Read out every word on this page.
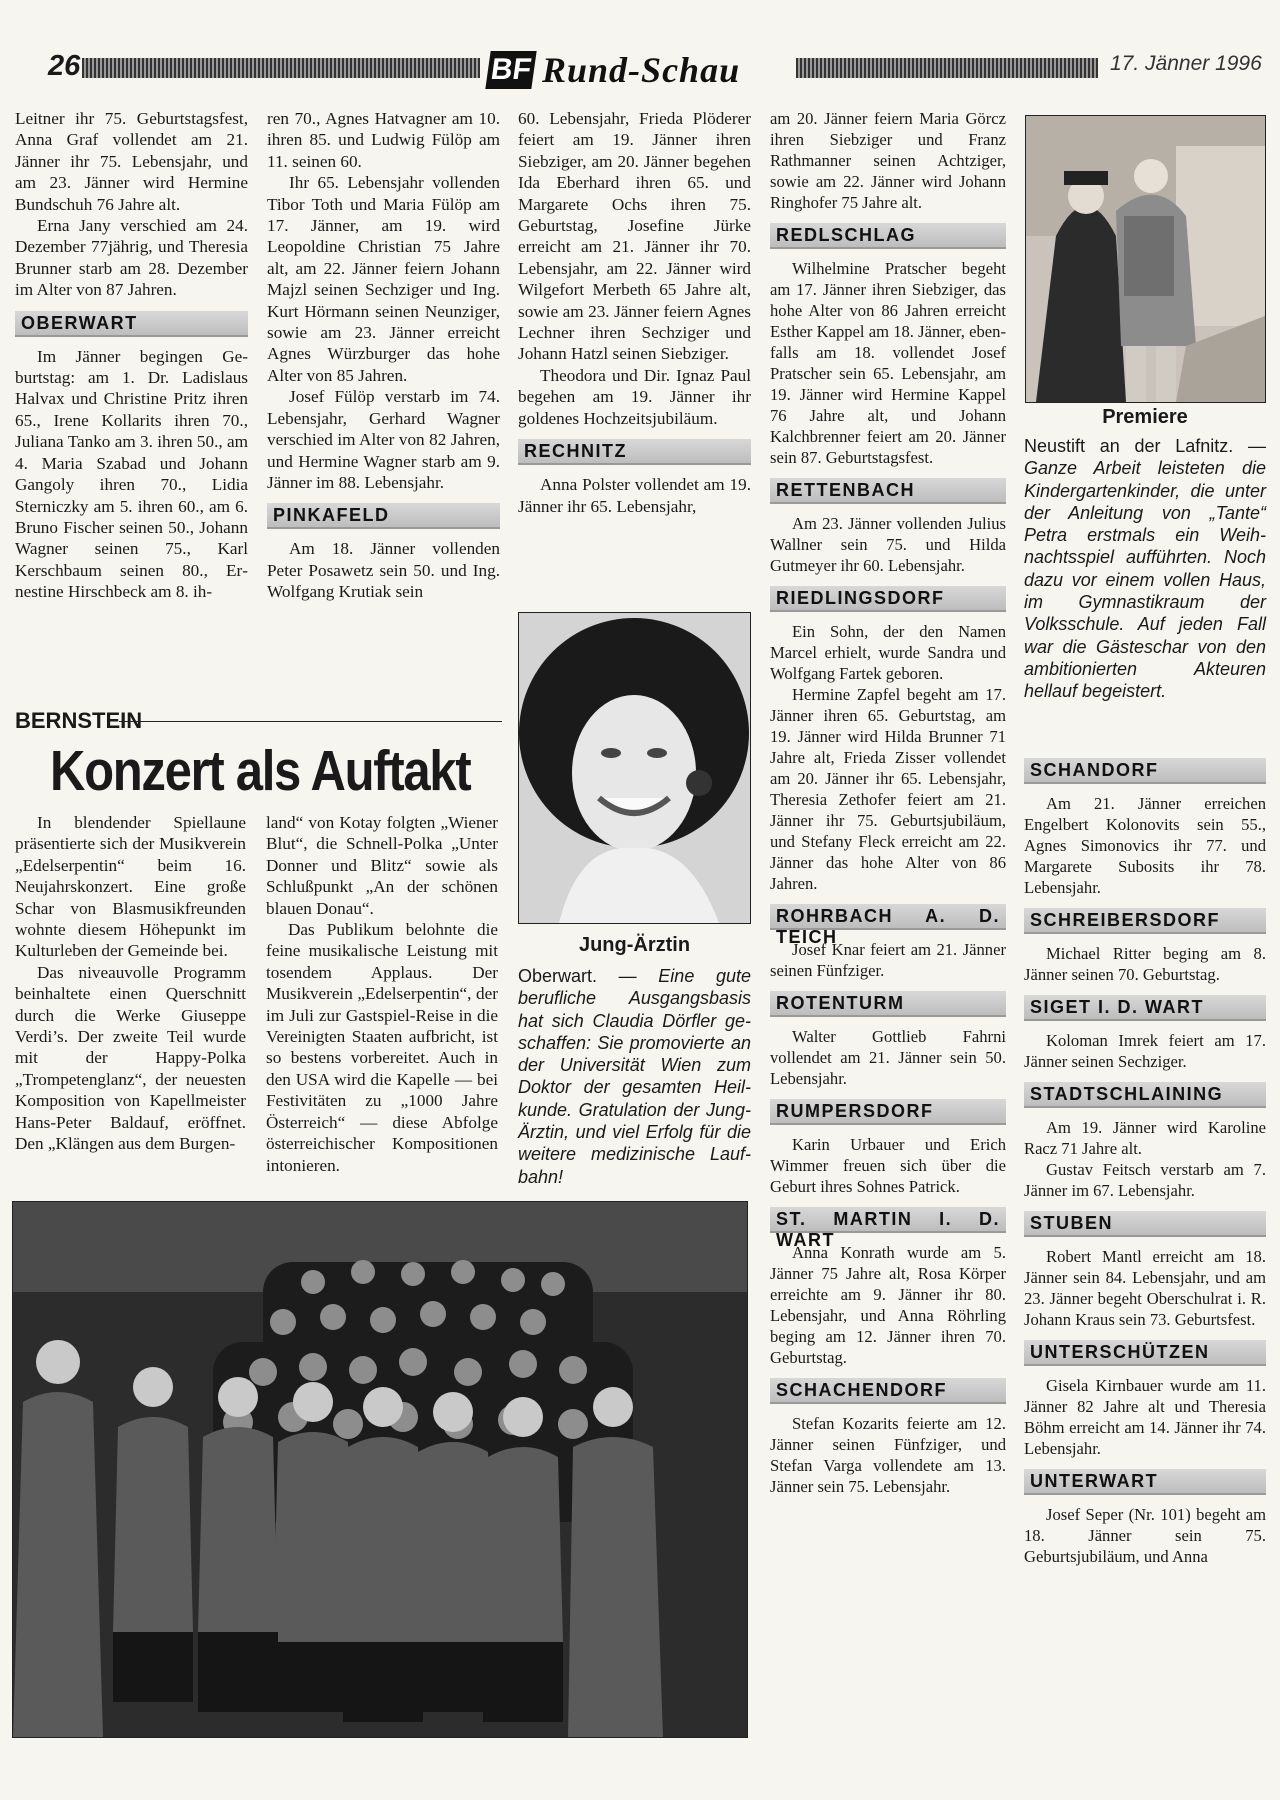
26	BF Rund-Schau	17. Jänner 1996

Leitner ihr 75. Geburtstagsfest, Anna Graf vollendet am 21. Jänner ihr 75. Lebensjahr, und am 23. Jänner wird Hermine Bundschuh 76 Jahre alt.

Erna Jany verschied am 24. Dezember 77jährig, und Theresia Brunner starb am 28. Dezember im Alter von 87 Jahren.

OBERWART

Im Jänner begingen Geburtstag: am 1. Dr. Ladislaus Halvax und Christine Pritz ihren 65., Irene Kollarits ihren 70., Juliana Tanko am 3. ihren 50., am 4. Maria Szabad und Johann Gangoly ihren 70., Lidia Sterniczky am 5. ihren 60., am 6. Bruno Fischer seinen 50., Johann Wagner seinen 75., Karl Kerschbaum seinen 80., Ernestine Hirschbeck am 8. ih-

ren 70., Agnes Hatvagner am 10. ihren 85. und Ludwig Fülöp am 11. seinen 60.

Ihr 65. Lebensjahr vollenden Tibor Toth und Maria Fülöp am 17. Jänner, am 19. wird Leopoldine Christian 75 Jahre alt, am 22. Jänner feiern Johann Majzl seinen Sechziger und Ing. Kurt Hörmann seinen Neunziger, sowie am 23. Jänner erreicht Agnes Würzburger das hohe Alter von 85 Jahren.

Josef Fülöp verstarb im 74. Lebensjahr, Gerhard Wagner verschied im Alter von 82 Jahren, und Hermine Wagner starb am 9. Jänner im 88. Lebensjahr.

PINKAFELD

Am 18. Jänner vollenden Peter Posawetz sein 50. und Ing. Wolfgang Krutiak sein

60. Lebensjahr, Frieda Plöderer feiert am 19. Jänner ihren Siebziger, am 20. Jänner begehen Ida Eberhard ihren 65. und Margarete Ochs ihren 75. Geburtstag, Josefine Jürke erreicht am 21. Jänner ihr 70. Lebensjahr, am 22. Jänner wird Wilgefort Merbeth 65 Jahre alt, sowie am 23. Jänner feiern Agnes Lechner ihren Sechziger und Johann Hatzl seinen Siebziger.

Theodora und Dir. Ignaz Paul begehen am 19. Jänner ihr goldenes Hochzeitsjubiläum.

RECHNITZ

Anna Polster vollendet am 19. Jänner ihr 65. Lebensjahr,

am 20. Jänner feiern Maria Görcz ihren Siebziger und Franz Rathmanner seinen Achtziger, sowie am 22. Jänner wird Johann Ringhofer 75 Jahre alt.

REDLSCHLAG

Wilhelmine Pratscher begeht am 17. Jänner ihren Siebziger, das hohe Alter von 86 Jahren erreicht Esther Kappel am 18. Jänner, ebenfalls am 18. vollendet Josef Pratscher sein 65. Lebensjahr, am 19. Jänner wird Hermine Kappel 76 Jahre alt, und Johann Kalchbrenner feiert am 20. Jänner sein 87. Geburtstagsfest.

RETTENBACH

Am 23. Jänner vollenden Julius Wallner sein 75. und Hilda Gutmeyer ihr 60. Lebensjahr.

RIEDLINGSDORF

Ein Sohn, der den Namen Marcel erhielt, wurde Sandra und Wolfgang Fartek geboren.

Hermine Zapfel begeht am 17. Jänner ihren 65. Geburtstag, am 19. Jänner wird Hilda Brunner 71 Jahre alt, Frieda Zisser vollendet am 20. Jänner ihr 65. Lebensjahr, Theresia Zethofer feiert am 21. Jänner ihr 75. Geburtsjubiläum, und Stefany Fleck erreicht am 22. Jänner das hohe Alter von 86 Jahren.

ROHRBACH A. D. TEICH

Josef Knar feiert am 21. Jänner seinen Fünfziger.

ROTENTURM

Walter Gottlieb Fahrni vollendet am 21. Jänner sein 50. Lebensjahr.

RUMPERSDORF

Karin Urbauer und Erich Wimmer freuen sich über die Geburt ihres Sohnes Patrick.

ST. MARTIN I. D. WART

Anna Konrath wurde am 5. Jänner 75 Jahre alt, Rosa Körper erreichte am 9. Jänner ihr 80. Lebensjahr, und Anna Röhrling beging am 12. Jänner ihren 70. Geburtstag.

SCHACHENDORF

Stefan Kozarits feierte am 12. Jänner seinen Fünfziger, und Stefan Varga vollendete am 13. Jänner sein 75. Lebensjahr.

Premiere
Neustift an der Lafnitz. — Ganze Arbeit leisteten die Kindergartenkinder, die unter der Anleitung von „Tante“ Petra erstmals ein Weihnachtsspiel aufführten. Noch dazu vor einem vollen Haus, im Gymnastikraum der Volksschule. Auf jeden Fall war die Gästeschar von den ambitionierten Akteuren hellauf begeistert.
SCHANDORF

Am 21. Jänner erreichen Engelbert Kolonovits sein 55., Agnes Simonovics ihr 77. und Margarete Subosits ihr 78. Lebensjahr.

SCHREIBERSDORF

Michael Ritter beging am 8. Jänner seinen 70. Geburtstag.

SIGET I. D. WART

Koloman Imrek feiert am 17. Jänner seinen Sechziger.

STADTSCHLAINING

Am 19. Jänner wird Karoline Racz 71 Jahre alt.

Gustav Feitsch verstarb am 7. Jänner im 67. Lebensjahr.

STUBEN

Robert Mantl erreicht am 18. Jänner sein 84. Lebensjahr, und am 23. Jänner begeht Oberschulrat i. R. Johann Kraus sein 73. Geburtsfest.

UNTERSCHÜTZEN

Gisela Kirnbauer wurde am 11. Jänner 82 Jahre alt und Theresia Böhm erreicht am 14. Jänner ihr 74. Lebensjahr.

UNTERWART

Josef Seper (Nr. 101) begeht am 18. Jänner sein 75. Geburtsjubiläum, und Anna

BERNSTEIN
Konzert als Auftakt

In blendender Spiellaune präsentierte sich der Musikverein „Edelserpentin“ beim 16. Neujahrskonzert. Eine große Schar von Blasmusikfreunden wohnte diesem Höhepunkt im Kulturleben der Gemeinde bei.

Das niveauvolle Programm beinhaltete einen Querschnitt durch die Werke Giuseppe Verdi’s. Der zweite Teil wurde mit der Happy-Polka „Trompetenglanz“, der neuesten Komposition von Kapellmeister Hans-Peter Baldauf, eröffnet. Den „Klängen aus dem Burgen-

land“ von Kotay folgten „Wiener Blut“, die Schnell-Polka „Unter Donner und Blitz“ sowie als Schlußpunkt „An der schönen blauen Donau“.

Das Publikum belohnte die feine musikalische Leistung mit tosendem Applaus. Der Musikverein „Edelserpentin“, der im Juli zur Gastspiel-Reise in die Vereinigten Staaten aufbricht, ist so bestens vorbereitet. Auch in den USA wird die Kapelle — bei Festivitäten zu „1000 Jahre Österreich“ — diese Abfolge österreichischer Kompositionen intonieren.

Jung-Ärztin
Oberwart. — Eine gute berufliche Ausgangsbasis hat sich Claudia Dörfler geschaffen: Sie promovierte an der Universität Wien zum Doktor der gesamten Heilkunde. Gratulation der Jung-Ärztin, und viel Erfolg für die weitere medizinische Laufbahn!
